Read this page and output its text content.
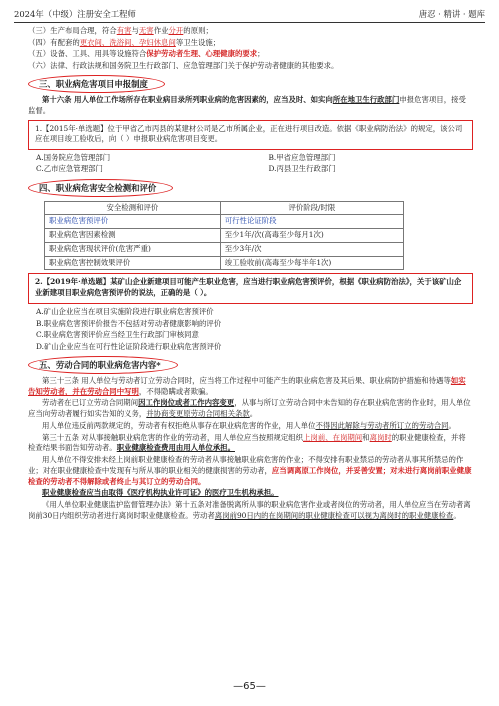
2024年（中级）注册安全工程师	唐忍 · 精讲 · 题库

（三）生产布局合理，符合有害与无害作业分开的原则；

（四）有配套的更衣间、洗浴间、孕妇休息间等卫生设施；

（五）设备、工具、用具等设施符合保护劳动者生理、心理健康的要求；

（六）法律、行政法规和国务院卫生行政部门、应急管理部门关于保护劳动者健康的其他要求。

三、职业病危害项目申报制度

第十六条 用人单位工作场所存在职业病目录所列职业病的危害因素的，应当及时、如实向所在地卫生行政部门申报危害项目，接受监督。

1.【2015年·单选题】位于甲省乙市丙县的某建材公司是乙市所属企业，正在进行项目改造。依据《职业病防治法》的规定，该公司应在项目竣工验收后，向（ ）申报职业病危害项目变更。

A.国务院应急管理部门	B.甲省应急管理部门
C.乙市应急管理部门	D.丙县卫生行政部门
四、职业病危害安全检测和评价
安全检测和评价	评价阶段/时限
职业病危害预评价	可行性论证阶段
职业病危害因素检测	至少1年/次(高毒至少每月1次)
职业病危害现状评价(危害严重)	至少3年/次
职业病危害控制效果评价	竣工验收前(高毒至少每半年1次)

2.【2019年·单选题】某矿山企业新建项目可能产生职业危害，应当进行职业病危害预评价，根据《职业病防治法》，关于该矿山企业新建项目职业病危害预评价的说法，正确的是（ ）。

A.矿山企业应当在项目实施阶段进行职业病危害预评价

B.职业病危害预评价报告不包括对劳动者健康影响的评价

C.职业病危害预评价应当经卫生行政部门审核同意

D.矿山企业应当在可行性论证阶段进行职业病危害预评价

五、劳动合同的职业病危害内容*

第三十三条 用人单位与劳动者订立劳动合同时，应当将工作过程中可能产生的职业病危害及其后果、职业病防护措施和待遇等如实告知劳动者，并在劳动合同中写明，不得隐瞒或者欺骗。

劳动者在已订立劳动合同期间因工作岗位或者工作内容变更，从事与所订立劳动合同中未告知的存在职业病危害的作业时，用人单位应当向劳动者履行如实告知的义务，并协商变更原劳动合同相关条款。

用人单位违反前两款规定的，劳动者有权拒绝从事存在职业病危害的作业，用人单位不得因此解除与劳动者所订立的劳动合同。

第三十五条 对从事接触职业病危害的作业的劳动者，用人单位应当按照规定组织上岗前、在岗期间和离岗时的职业健康检查，并将检查结果书面告知劳动者。职业健康检查费用由用人单位承担。

用人单位不得安排未经上岗前职业健康检查的劳动者从事接触职业病危害的作业；不得安排有职业禁忌的劳动者从事其所禁忌的作业；对在职业健康检查中发现有与所从事的职业相关的健康损害的劳动者，应当调离原工作岗位，并妥善安置；对未进行离岗前职业健康检查的劳动者不得解除或者终止与其订立的劳动合同。

职业健康检查应当由取得《医疗机构执业许可证》的医疗卫生机构承担。

《用人单位职业健康监护监督管理办法》第十五条对准备脱离所从事的职业病危害作业或者岗位的劳动者，用人单位应当在劳动者离岗前30日内组织劳动者进行离岗时职业健康检查。劳动者离岗前90日内的在岗期间的职业健康检查可以视为离岗时的职业健康检查。

—65—
